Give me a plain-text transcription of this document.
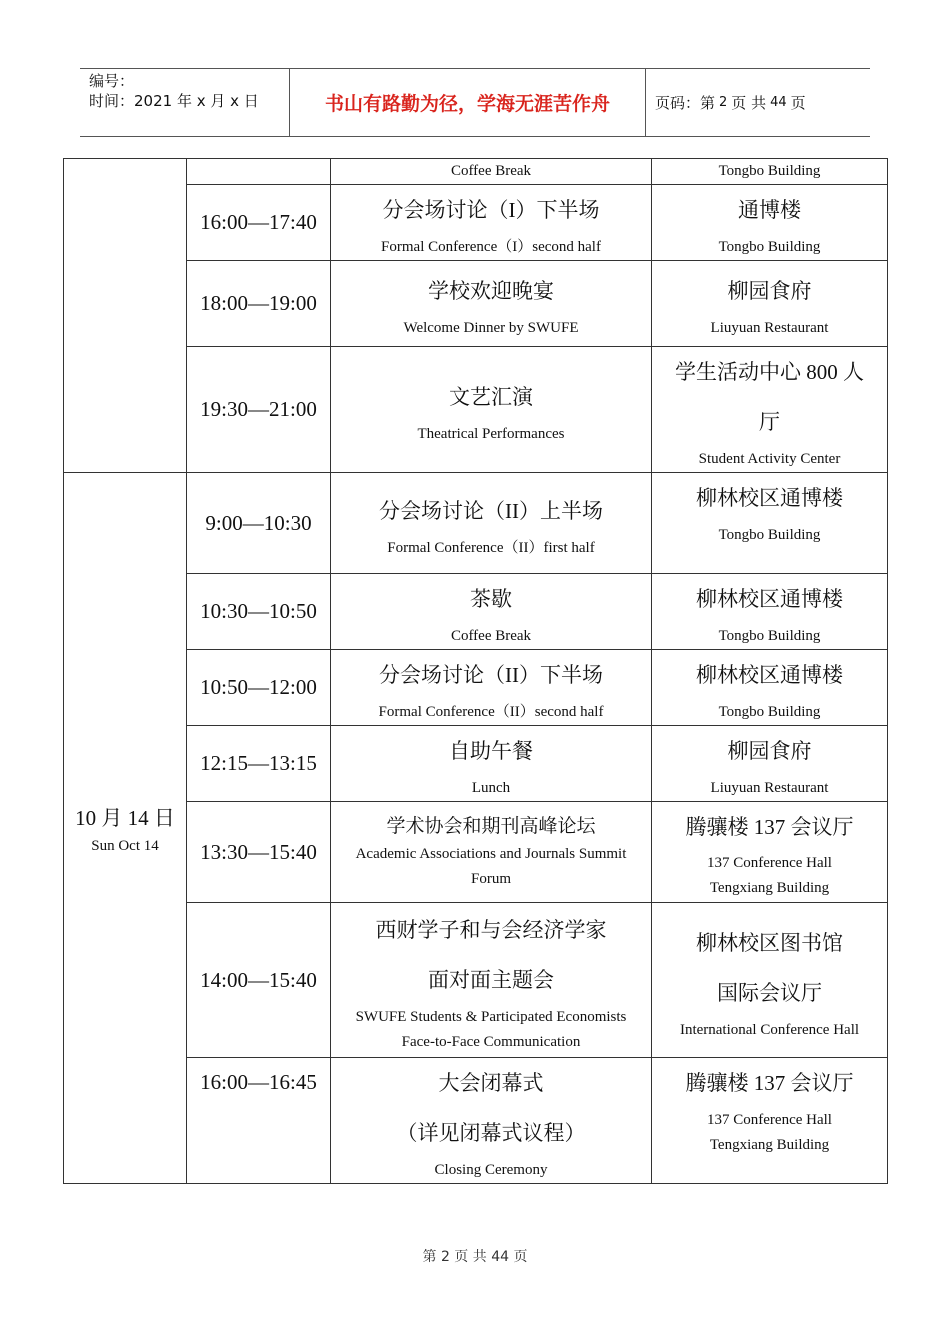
编号：
时间：2021 年 x 月 x 日	书山有路勤为径，学海无涯苦作舟	页码：第 2 页 共 44 页

		Coffee Break	Tongbo Building

	16:00—17:40	分会场讨论（I）下半场
Formal Conference（I）second half	通博楼
Tongbo Building

	18:00—19:00	学校欢迎晚宴
Welcome Dinner by SWUFE	柳园食府
Liuyuan Restaurant

	19:30—21:00	文艺汇演
Theatrical Performances	学生活动中心 800 人厅
Student Activity Center

10 月 14 日
Sun Oct 14	9:00—10:30	分会场讨论（II）上半场
Formal Conference（II）first half	柳林校区通博楼
Tongbo Building

	10:30—10:50	茶歇
Coffee Break	柳林校区通博楼
Tongbo Building

	10:50—12:00	分会场讨论（II）下半场
Formal Conference（II）second half	柳林校区通博楼
Tongbo Building

	12:15—13:15	自助午餐
Lunch	柳园食府
Liuyuan Restaurant

	13:30—15:40	学术协会和期刊高峰论坛
Academic Associations and Journals Summit Forum	腾骧楼 137 会议厅
137 Conference Hall
Tengxiang Building

	14:00—15:40	西财学子和与会经济学家
面对面主题会
SWUFE Students & Participated Economists
Face-to-Face Communication	柳林校区图书馆
国际会议厅
International Conference Hall

	16:00—16:45	大会闭幕式
（详见闭幕式议程）
Closing Ceremony	腾骧楼 137 会议厅
137 Conference Hall
Tengxiang Building
第 2 页 共 44 页
